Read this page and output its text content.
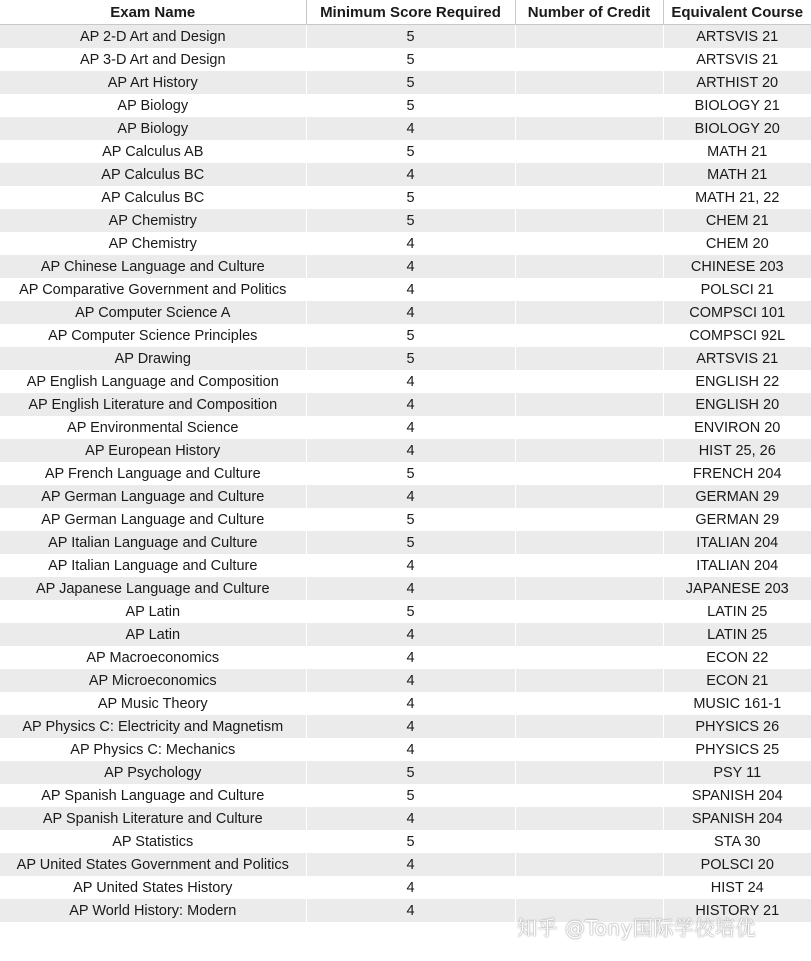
Exam Name	Minimum Score Required	Number of Credit	Equivalent Course
AP 2-D Art and Design	5		ARTSVIS 21
AP 3-D Art and Design	5		ARTSVIS 21
AP Art History	5		ARTHIST 20
AP Biology	5		BIOLOGY 21
AP Biology	4		BIOLOGY 20
AP Calculus AB	5		MATH 21
AP Calculus BC	4		MATH 21
AP Calculus BC	5		MATH 21, 22
AP Chemistry	5		CHEM 21
AP Chemistry	4		CHEM 20
AP Chinese Language and Culture	4		CHINESE 203
AP Comparative Government and Politics	4		POLSCI 21
AP Computer Science A	4		COMPSCI 101
AP Computer Science Principles	5		COMPSCI 92L
AP Drawing	5		ARTSVIS 21
AP English Language and Composition	4		ENGLISH 22
AP English Literature and Composition	4		ENGLISH 20
AP Environmental Science	4		ENVIRON 20
AP European History	4		HIST 25, 26
AP French Language and Culture	5		FRENCH 204
AP German Language and Culture	4		GERMAN 29
AP German Language and Culture	5		GERMAN 29
AP Italian Language and Culture	5		ITALIAN 204
AP Italian Language and Culture	4		ITALIAN 204
AP Japanese Language and Culture	4		JAPANESE 203
AP Latin	5		LATIN 25
AP Latin	4		LATIN 25
AP Macroeconomics	4		ECON 22
AP Microeconomics	4		ECON 21
AP Music Theory	4		MUSIC 161-1
AP Physics C: Electricity and Magnetism	4		PHYSICS 26
AP Physics C: Mechanics	4		PHYSICS 25
AP Psychology	5		PSY 11
AP Spanish Language and Culture	5		SPANISH 204
AP Spanish Literature and Culture	4		SPANISH 204
AP Statistics	5		STA 30
AP United States Government and Politics	4		POLSCI 20
AP United States History	4		HIST 24
AP World History: Modern	4		HISTORY 21
知乎 @Tony国际学校培优
